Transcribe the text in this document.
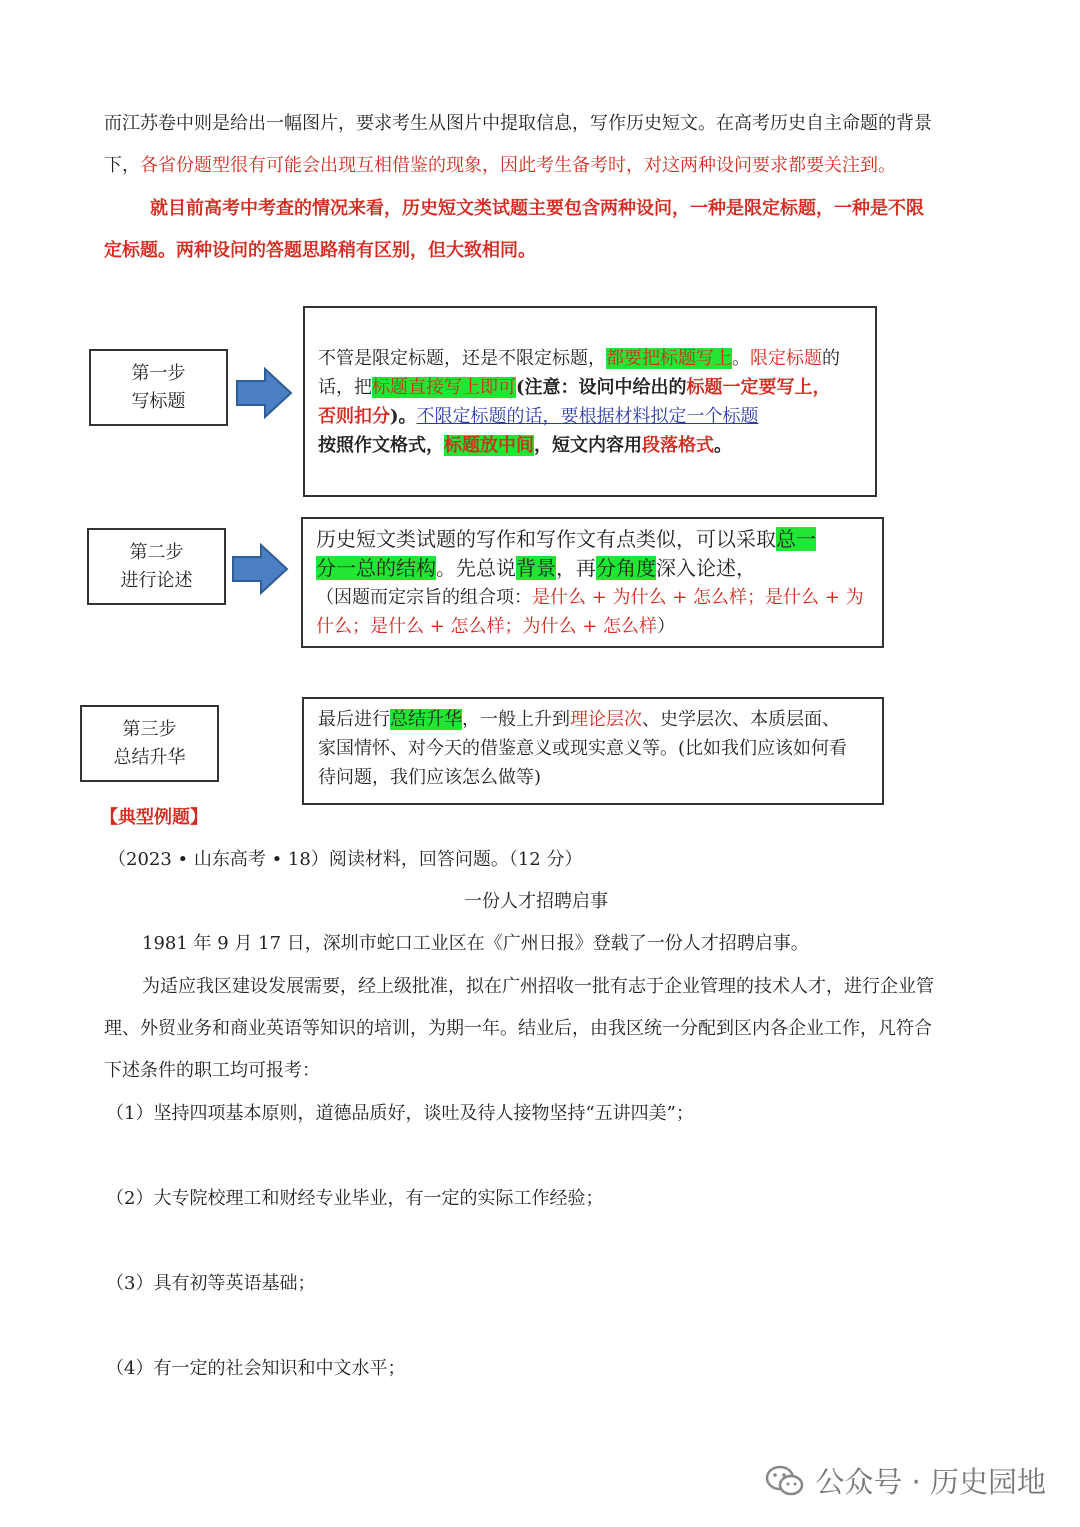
而江苏卷中则是给出一幅图片，要求考生从图片中提取信息，写作历史短文。在高考历史自主命题的背景
下，各省份题型很有可能会出现互相借鉴的现象，因此考生备考时，对这两种设问要求都要关注到。
就目前高考中考查的情况来看，历史短文类试题主要包含两种设问，一种是限定标题，一种是不限
定标题。两种设问的答题思路稍有区别，但大致相同。
第一步
写标题
不管是限定标题，还是不限定标题，都要把标题写上。限定标题的
话，把标题直接写上即可(注意：设问中给出的标题一定要写上，
否则扣分)。不限定标题的话，要根据材料拟定一个标题
按照作文格式，标题放中间，短文内容用段落格式。
第二步
进行论述
历史短文类试题的写作和写作文有点类似，可以采取总一
分一总的结构。先总说背景，再分角度深入论述，
（因题而定宗旨的组合项：是什么 + 为什么 + 怎么样；是什么 + 为
什么；是什么 + 怎么样；为什么 + 怎么样）
第三步
总结升华
最后进行总结升华，一般上升到理论层次、史学层次、本质层面、
家国情怀、对今天的借鉴意义或现实意义等。(比如我们应该如何看
待问题，我们应该怎么做等)
【典型例题】
（2023 • 山东高考 • 18）阅读材料，回答问题。（12 分）
一份人才招聘启事
1981 年 9 月 17 日，深圳市蛇口工业区在《广州日报》登载了一份人才招聘启事。
为适应我区建设发展需要，经上级批准，拟在广州招收一批有志于企业管理的技术人才，进行企业管
理、外贸业务和商业英语等知识的培训，为期一年。结业后，由我区统一分配到区内各企业工作，凡符合
下述条件的职工均可报考：
（1）坚持四项基本原则，道德品质好，谈吐及待人接物坚持“五讲四美”；
（2）大专院校理工和财经专业毕业，有一定的实际工作经验；
（3）具有初等英语基础；
（4）有一定的社会知识和中文水平；
公众号 · 历史园地
